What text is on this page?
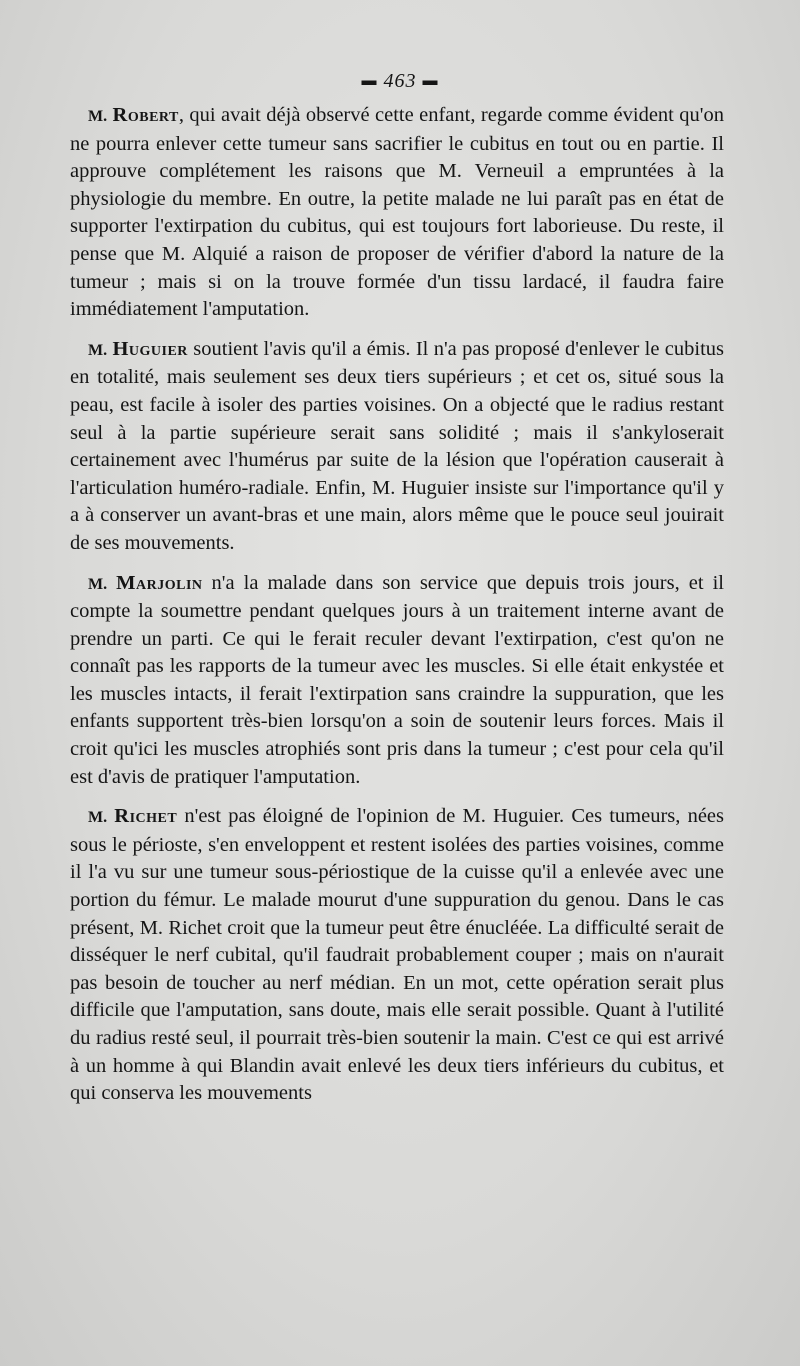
▬ 463 ▬

M. Robert, qui avait déjà observé cette enfant, regarde comme évident qu'on ne pourra enlever cette tumeur sans sacrifier le cubitus en tout ou en partie. Il approuve complétement les raisons que M. Verneuil a empruntées à la physiologie du membre. En outre, la petite malade ne lui paraît pas en état de supporter l'extirpation du cubitus, qui est toujours fort laborieuse. Du reste, il pense que M. Alquié a raison de proposer de vérifier d'abord la nature de la tumeur ; mais si on la trouve formée d'un tissu lardacé, il faudra faire immédiatement l'amputation.

M. Huguier soutient l'avis qu'il a émis. Il n'a pas proposé d'enlever le cubitus en totalité, mais seulement ses deux tiers supérieurs ; et cet os, situé sous la peau, est facile à isoler des parties voisines. On a objecté que le radius restant seul à la partie supérieure serait sans solidité ; mais il s'ankyloserait certainement avec l'humérus par suite de la lésion que l'opération causerait à l'articulation huméro-radiale. Enfin, M. Huguier insiste sur l'importance qu'il y a à conserver un avant-bras et une main, alors même que le pouce seul jouirait de ses mouvements.

M. Marjolin n'a la malade dans son service que depuis trois jours, et il compte la soumettre pendant quelques jours à un traitement interne avant de prendre un parti. Ce qui le ferait reculer devant l'extirpation, c'est qu'on ne connaît pas les rapports de la tumeur avec les muscles. Si elle était enkystée et les muscles intacts, il ferait l'extirpation sans craindre la suppuration, que les enfants supportent très-bien lorsqu'on a soin de soutenir leurs forces. Mais il croit qu'ici les muscles atrophiés sont pris dans la tumeur ; c'est pour cela qu'il est d'avis de pratiquer l'amputation.

M. Richet n'est pas éloigné de l'opinion de M. Huguier. Ces tumeurs, nées sous le périoste, s'en enveloppent et restent isolées des parties voisines, comme il l'a vu sur une tumeur sous-périostique de la cuisse qu'il a enlevée avec une portion du fémur. Le malade mourut d'une suppuration du genou. Dans le cas présent, M. Richet croit que la tumeur peut être énucléée. La difficulté serait de disséquer le nerf cubital, qu'il faudrait probablement couper ; mais on n'aurait pas besoin de toucher au nerf médian. En un mot, cette opération serait plus difficile que l'amputation, sans doute, mais elle serait possible. Quant à l'utilité du radius resté seul, il pourrait très-bien soutenir la main. C'est ce qui est arrivé à un homme à qui Blandin avait enlevé les deux tiers inférieurs du cubitus, et qui conserva les mouvements
